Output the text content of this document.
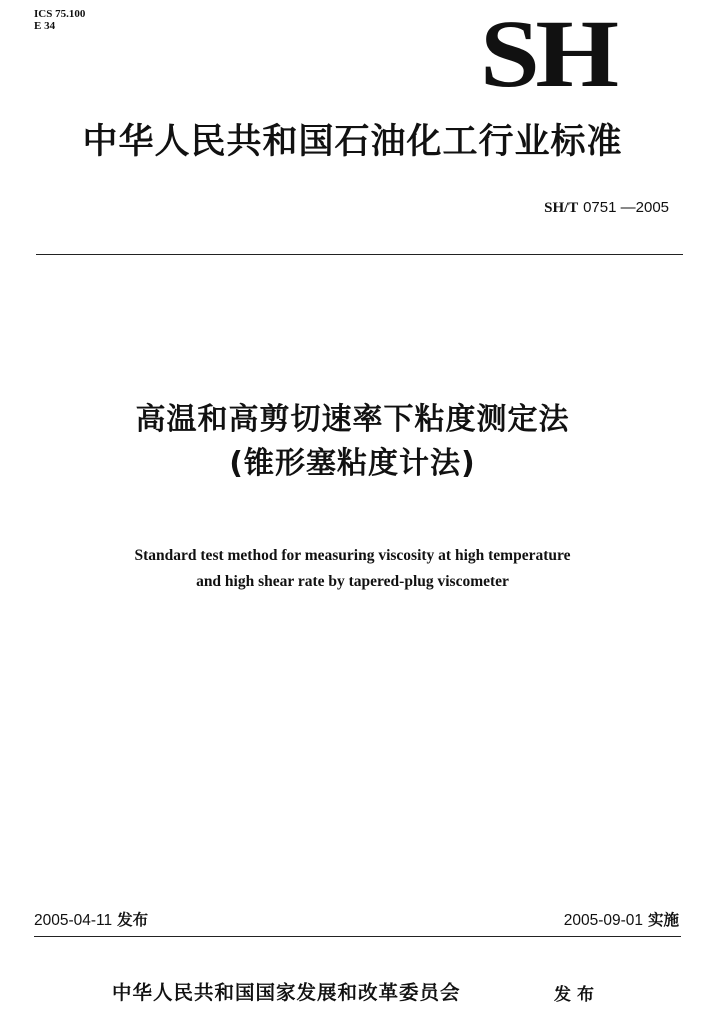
ICS 75.100
E 34	SH
中华人民共和国石油化工行业标准
SH/T 0751 —2005
高温和高剪切速率下粘度测定法
(锥形塞粘度计法)
Standard test method for measuring viscosity at high temperature
and high shear rate by tapered-plug viscometer
2005-04-11 发布	2005-09-01 实施
中华人民共和国国家发展和改革委员会	发布
